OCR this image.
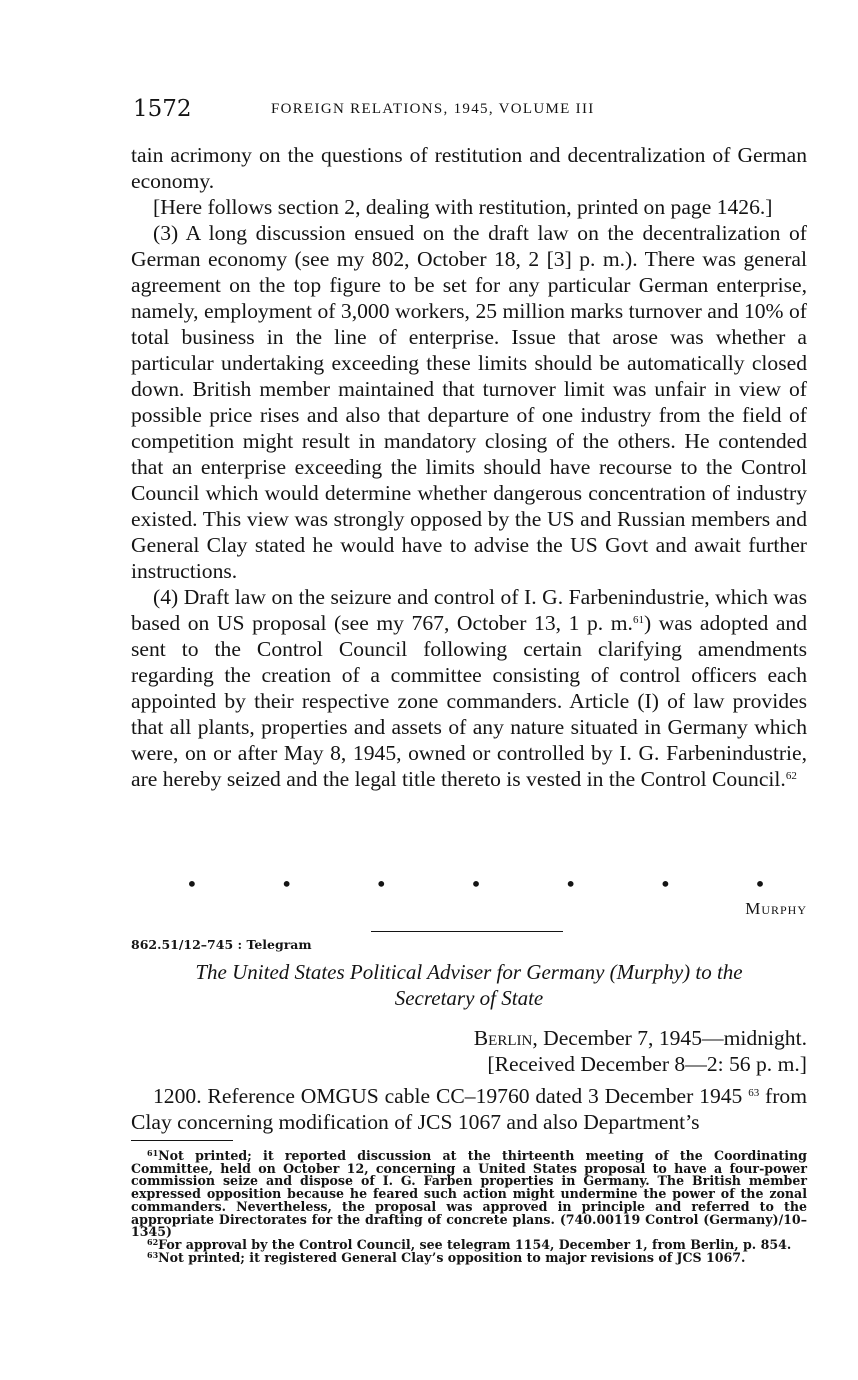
1572	FOREIGN RELATIONS, 1945, VOLUME III

tain acrimony on the questions of restitution and decentralization of German economy.

[Here follows section 2, dealing with restitution, printed on page 1426.]

(3) A long discussion ensued on the draft law on the decentralization of German economy (see my 802, October 18, 2 [3] p. m.). There was general agreement on the top figure to be set for any particular German enterprise, namely, employment of 3,000 workers, 25 million marks turnover and 10% of total business in the line of enterprise. Issue that arose was whether a particular undertaking exceeding these limits should be automatically closed down. British member maintained that turnover limit was unfair in view of possible price rises and also that departure of one industry from the field of competition might result in mandatory closing of the others. He contended that an enterprise exceeding the limits should have recourse to the Control Council which would determine whether dangerous concentration of industry existed. This view was strongly opposed by the US and Russian members and General Clay stated he would have to advise the US Govt and await further instructions.

(4) Draft law on the seizure and control of I. G. Farbenindustrie, which was based on US proposal (see my 767, October 13, 1 p. m.$^{61}$) was adopted and sent to the Control Council following certain clarifying amendments regarding the creation of a committee consisting of control officers each appointed by their respective zone commanders. Article (I) of law provides that all plants, properties and assets of any nature situated in Germany which were, on or after May 8, 1945, owned or controlled by I. G. Farbenindustrie, are hereby seized and the legal title thereto is vested in the Control Council.$^{62}$

•	•	•	•	•	•	•
Murphy
862.51/12–745 : Telegram
The United States Political Adviser for Germany (Murphy) to the
Secretary of State
Berlin, December 7, 1945—midnight.
[Received December 8—2: 56 p. m.]

1200. Reference OMGUS cable CC–19760 dated 3 December 1945 $^{63}$ from Clay concerning modification of JCS 1067 and also Department’s

$^{61}$Not printed; it reported discussion at the thirteenth meeting of the Coordinating Committee, held on October 12, concerning a United States proposal to have a four-power commission seize and dispose of I. G. Farben properties in Germany. The British member expressed opposition because he feared such action might undermine the power of the zonal commanders. Nevertheless, the proposal was approved in principle and referred to the appropriate Directorates for the drafting of concrete plans. (740.00119 Control (Germany)/10–1345)

$^{62}$For approval by the Control Council, see telegram 1154, December 1, from Berlin, p. 854.

$^{63}$Not printed; it registered General Clay’s opposition to major revisions of JCS 1067.
